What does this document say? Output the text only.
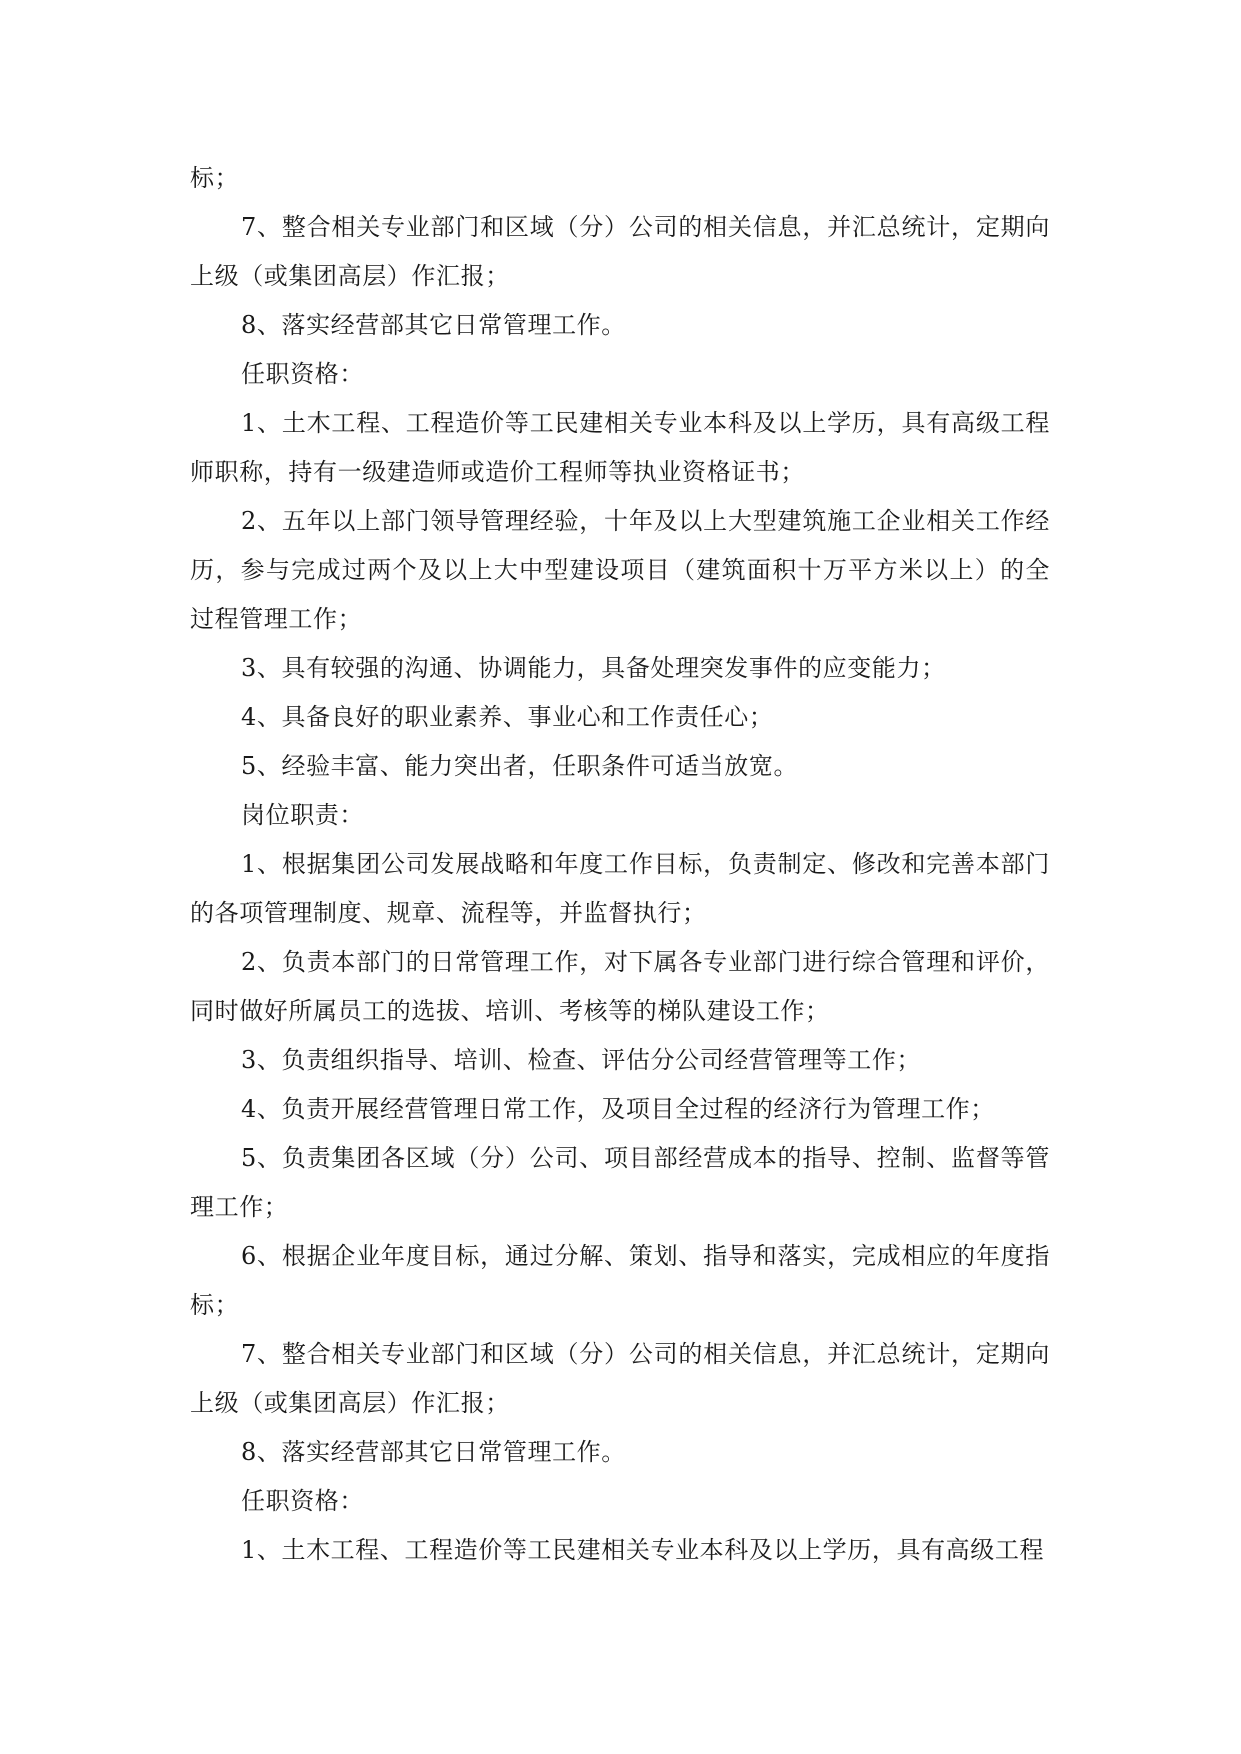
标；

7、整合相关专业部门和区域（分）公司的相关信息，并汇总统计，定期向上级（或集团高层）作汇报；

8、落实经营部其它日常管理工作。

任职资格：

1、土木工程、工程造价等工民建相关专业本科及以上学历，具有高级工程师职称，持有一级建造师或造价工程师等执业资格证书；

2、五年以上部门领导管理经验，十年及以上大型建筑施工企业相关工作经历，参与完成过两个及以上大中型建设项目（建筑面积十万平方米以上）的全过程管理工作；

3、具有较强的沟通、协调能力，具备处理突发事件的应变能力；

4、具备良好的职业素养、事业心和工作责任心；

5、经验丰富、能力突出者，任职条件可适当放宽。

岗位职责：

1、根据集团公司发展战略和年度工作目标，负责制定、修改和完善本部门的各项管理制度、规章、流程等，并监督执行；

2、负责本部门的日常管理工作，对下属各专业部门进行综合管理和评价，同时做好所属员工的选拔、培训、考核等的梯队建设工作；

3、负责组织指导、培训、检查、评估分公司经营管理等工作；

4、负责开展经营管理日常工作，及项目全过程的经济行为管理工作；

5、负责集团各区域（分）公司、项目部经营成本的指导、控制、监督等管理工作；

6、根据企业年度目标，通过分解、策划、指导和落实，完成相应的年度指标；

7、整合相关专业部门和区域（分）公司的相关信息，并汇总统计，定期向上级（或集团高层）作汇报；

8、落实经营部其它日常管理工作。

任职资格：

1、土木工程、工程造价等工民建相关专业本科及以上学历，具有高级工程
